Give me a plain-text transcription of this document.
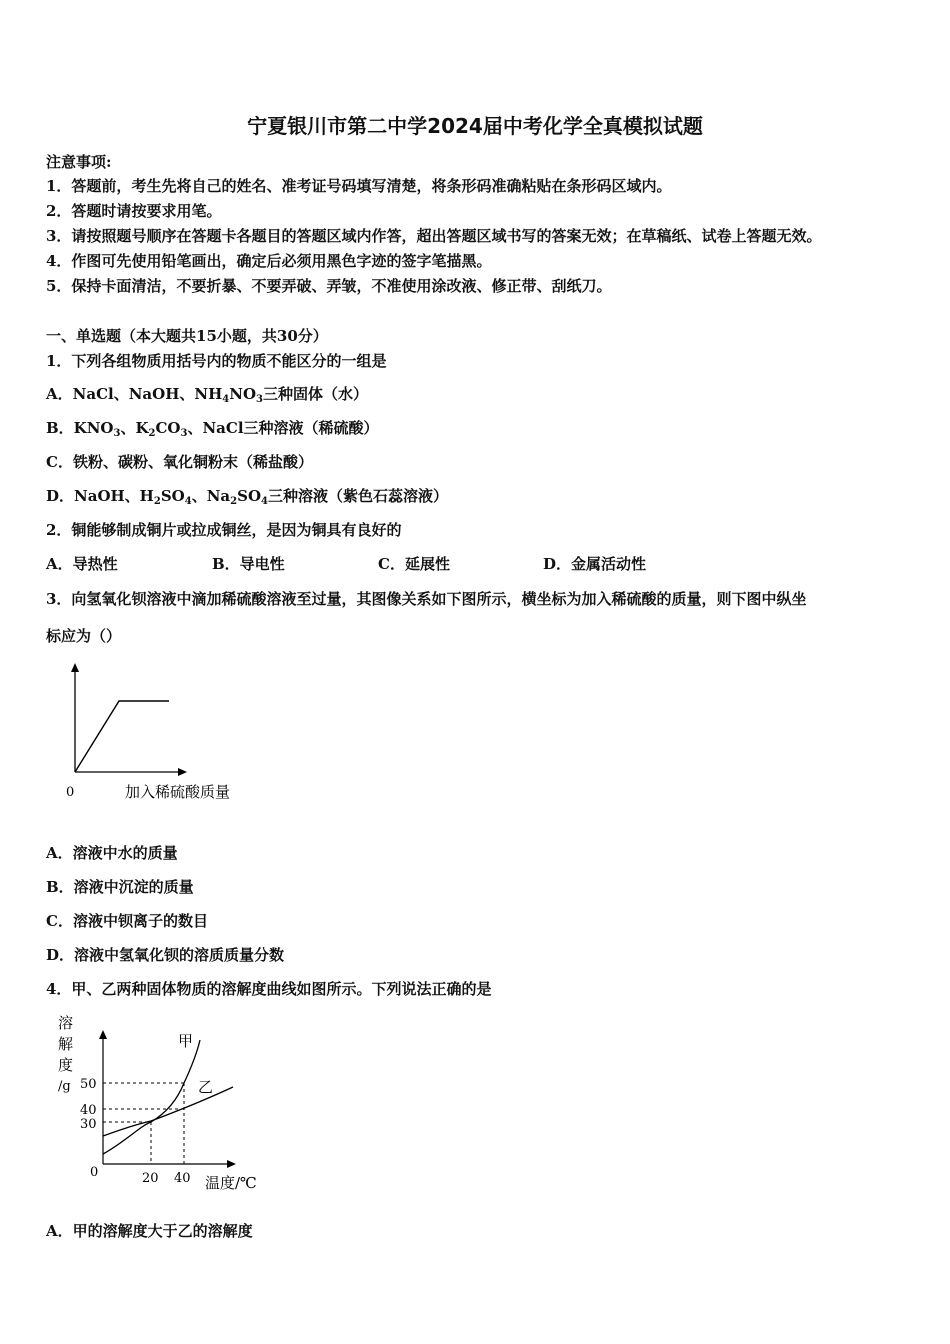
宁夏银川市第二中学2024届中考化学全真模拟试题
注意事项:
1．答题前，考生先将自己的姓名、准考证号码填写清楚，将条形码准确粘贴在条形码区域内。
2．答题时请按要求用笔。
3．请按照题号顺序在答题卡各题目的答题区域内作答，超出答题区域书写的答案无效；在草稿纸、试卷上答题无效。
4．作图可先使用铅笔画出，确定后必须用黑色字迹的签字笔描黑。
5．保持卡面清洁，不要折暴、不要弄破、弄皱，不准使用涂改液、修正带、刮纸刀。
一、单选题（本大题共15小题，共30分）
1．下列各组物质用括号内的物质不能区分的一组是
A．NaCl、NaOH、$NH_4NO_3$三种固体（水）
B．$KNO_3$、$K_2CO_3$、NaCl三种溶液（稀硫酸）
C．铁粉、碳粉、氧化铜粉末（稀盐酸）
D．NaOH、$H_2SO_4$、$Na_2SO_4$三种溶液（紫色石蕊溶液）
2．铜能够制成铜片或拉成铜丝，是因为铜具有良好的
A．导热性	B．导电性	C．延展性	D．金属活动性
3．向氢氧化钡溶液中滴加稀硫酸溶液至过量，其图像关系如下图所示，横坐标为加入稀硫酸的质量，则下图中纵坐
标应为（）
0	加入稀硫酸质量
A．溶液中水的质量
B．溶液中沉淀的质量
C．溶液中钡离子的数目
D．溶液中氢氧化钡的溶质质量分数
4．甲、乙两种固体物质的溶解度曲线如图所示。下列说法正确的是
溶
解
度
/g 50
40
30
0	20 40 温度/℃
甲
乙
A．甲的溶解度大于乙的溶解度
